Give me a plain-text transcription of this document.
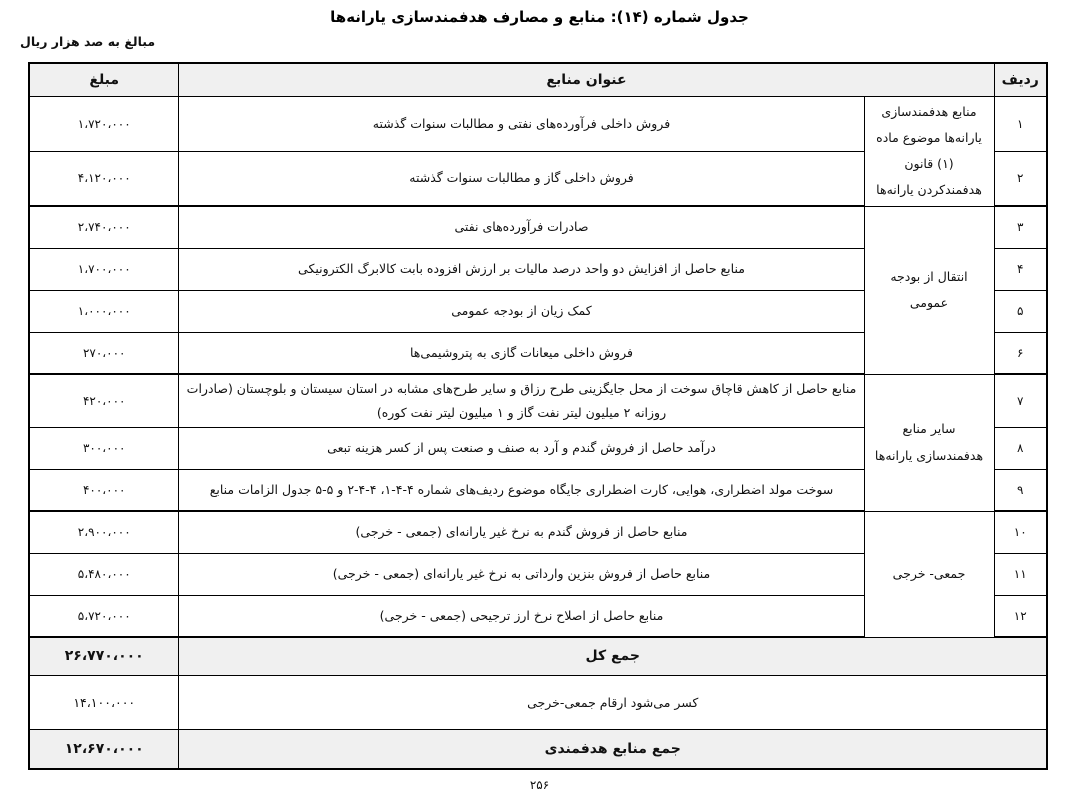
جدول شماره (۱۴): منابع و مصارف هدفمندسازی یارانه‌ها
مبالغ به صد هزار ریال
ردیف	عنوان منابع		مبلغ
۱	منابع هدفمندسازی یارانه‌ها موضوع ماده (۱) قانون هدفمندکردن یارانه‌ها	فروش داخلی فرآورده‌های نفتی و مطالبات سنوات گذشته	۱،۷۲۰،۰۰۰
۲		فروش داخلی گاز و مطالبات سنوات گذشته	۴،۱۲۰،۰۰۰
۳	انتقال از بودجه عمومی	صادرات فرآورده‌های نفتی	۲،۷۴۰،۰۰۰
۴		منابع حاصل از افزایش دو واحد درصد مالیات بر ارزش افزوده بابت کالابرگ الکترونیکی	۱،۷۰۰،۰۰۰
۵		کمک زیان از بودجه عمومی	۱،۰۰۰،۰۰۰
۶		فروش داخلی میعانات گازی به پتروشیمی‌ها	۲۷۰،۰۰۰
۷	سایر منابع هدفمندسازی یارانه‌ها	منابع حاصل از کاهش قاچاق سوخت از محل جایگزینی طرح رزاق و سایر طرح‌های مشابه در استان سیستان و بلوچستان (صادرات روزانه ۲ میلیون لیتر نفت گاز و ۱ میلیون لیتر نفت کوره)	۴۲۰،۰۰۰
۸		درآمد حاصل از فروش گندم و آرد به صنف و صنعت پس از کسر هزینه تبعی	۳۰۰،۰۰۰
۹		سوخت مولد اضطراری، هوایی، کارت اضطراری جایگاه موضوع ردیف‌های شماره ۴-۴-۱، ۴-۴-۲ و ۵-۵ جدول الزامات منابع	۴۰۰،۰۰۰
۱۰	جمعی- خرجی	منابع حاصل از فروش گندم به نرخ غیر یارانه‌ای (جمعی - خرجی)	۲،۹۰۰،۰۰۰
۱۱		منابع حاصل از فروش بنزین وارداتی به نرخ غیر یارانه‌ای (جمعی - خرجی)	۵،۴۸۰،۰۰۰
۱۲		منابع حاصل از اصلاح نرخ ارز ترجیحی (جمعی - خرجی)	۵،۷۲۰،۰۰۰
جمع کل			۲۶،۷۷۰،۰۰۰
کسر می‌شود ارقام جمعی-خرجی			۱۴،۱۰۰،۰۰۰
جمع منابع هدفمندی			۱۲،۶۷۰،۰۰۰
۲۵۶
